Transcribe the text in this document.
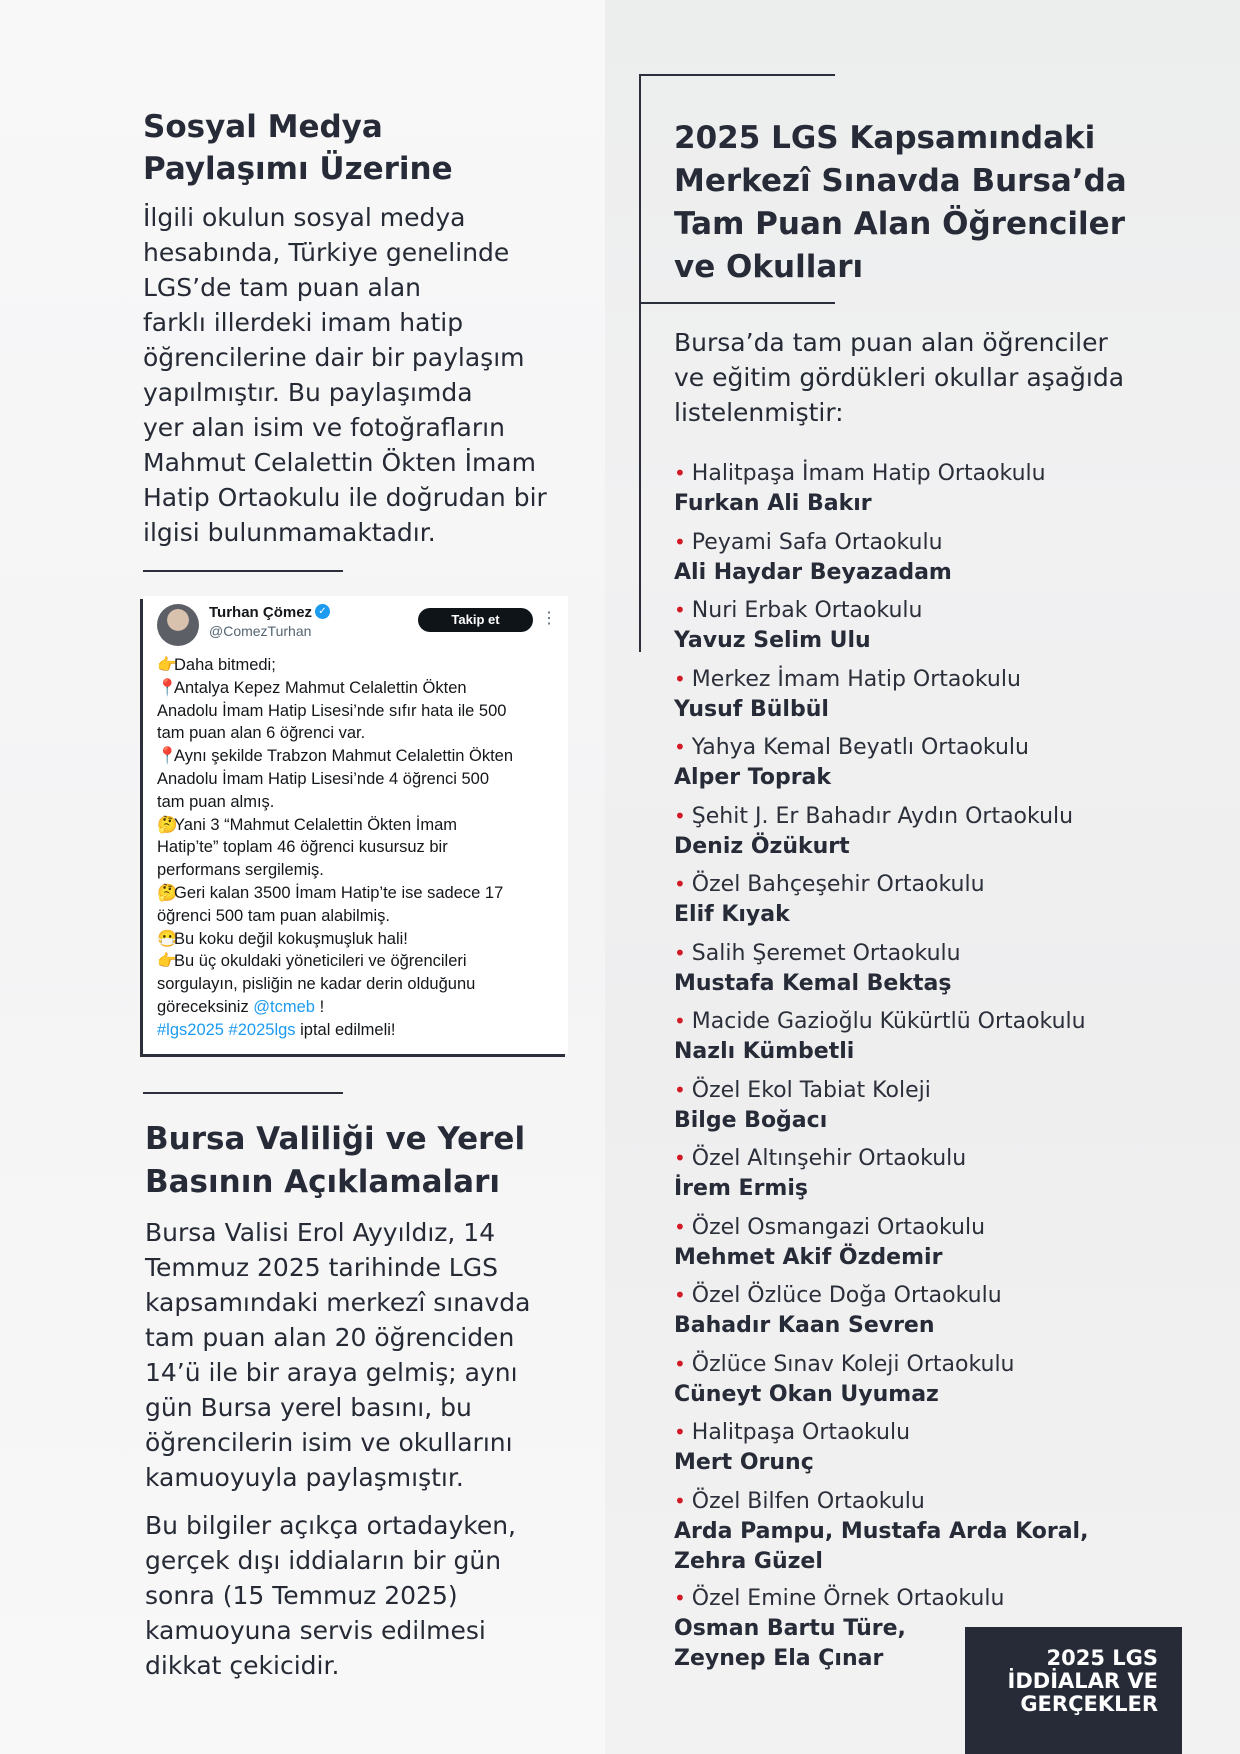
Sosyal Medya
Paylaşımı Üzerine

İlgili okulun sosyal medya
hesabında, Türkiye genelinde
LGS’de tam puan alan
farklı illerdeki imam hatip
öğrencilerine dair bir paylaşım
yapılmıştır. Bu paylaşımda
yer alan isim ve fotoğrafların
Mahmut Celalettin Ökten İmam
Hatip Ortaokulu ile doğrudan bir
ilgisi bulunmamaktadır.

Turhan Çömez ✓
@ComezTurhan
Takip et	⋮
👉Daha bitmedi;
📍Antalya Kepez Mahmut Celalettin Ökten
Anadolu İmam Hatip Lisesi’nde sıfır hata ile 500
tam puan alan 6 öğrenci var.
📍Aynı şekilde Trabzon Mahmut Celalettin Ökten
Anadolu İmam Hatip Lisesi’nde 4 öğrenci 500
tam puan almış.
🤔Yani 3 “Mahmut Celalettin Ökten İmam
Hatip’te” toplam 46 öğrenci kusursuz bir
performans sergilemiş.
🤔Geri kalan 3500 İmam Hatip’te ise sadece 17
öğrenci 500 tam puan alabilmiş.
😷Bu koku değil kokuşmuşluk hali!
👉Bu üç okuldaki yöneticileri ve öğrencileri
sorgulayın, pisliğin ne kadar derin olduğunu
göreceksiniz @tcmeb !
#lgs2025 #2025lgs iptal edilmeli!
Bursa Valiliği ve Yerel
Basının Açıklamaları

Bursa Valisi Erol Ayyıldız, 14
Temmuz 2025 tarihinde LGS
kapsamındaki merkezî sınavda
tam puan alan 20 öğrenciden
14’ü ile bir araya gelmiş; aynı
gün Bursa yerel basını, bu
öğrencilerin isim ve okullarını
kamuoyuyla paylaşmıştır.

Bu bilgiler açıkça ortadayken,
gerçek dışı iddiaların bir gün
sonra (15 Temmuz 2025)
kamuoyuna servis edilmesi
dikkat çekicidir.

2025 LGS Kapsamındaki
Merkezî Sınavda Bursa’da
Tam Puan Alan Öğrenciler
ve Okulları

Bursa’da tam puan alan öğrenciler
ve eğitim gördükleri okullar aşağıda
listelenmiştir:

• Halitpaşa İmam Hatip Ortaokulu
Furkan Ali Bakır
• Peyami Safa Ortaokulu
Ali Haydar Beyazadam
• Nuri Erbak Ortaokulu
Yavuz Selim Ulu
• Merkez İmam Hatip Ortaokulu
Yusuf Bülbül
• Yahya Kemal Beyatlı Ortaokulu
Alper Toprak
• Şehit J. Er Bahadır Aydın Ortaokulu
Deniz Özükurt
• Özel Bahçeşehir Ortaokulu
Elif Kıyak
• Salih Şeremet Ortaokulu
Mustafa Kemal Bektaş
• Macide Gazioğlu Kükürtlü Ortaokulu
Nazlı Kümbetli
• Özel Ekol Tabiat Koleji
Bilge Boğacı
• Özel Altınşehir Ortaokulu
İrem Ermiş
• Özel Osmangazi Ortaokulu
Mehmet Akif Özdemir
• Özel Özlüce Doğa Ortaokulu
Bahadır Kaan Sevren
• Özlüce Sınav Koleji Ortaokulu
Cüneyt Okan Uyumaz
• Halitpaşa Ortaokulu
Mert Orunç
• Özel Bilfen Ortaokulu
Arda Pampu, Mustafa Arda Koral,
Zehra Güzel
• Özel Emine Örnek Ortaokulu
Osman Bartu Türe,
Zeynep Ela Çınar	2025 LGS
İDDİALAR VE
GERÇEKLER
